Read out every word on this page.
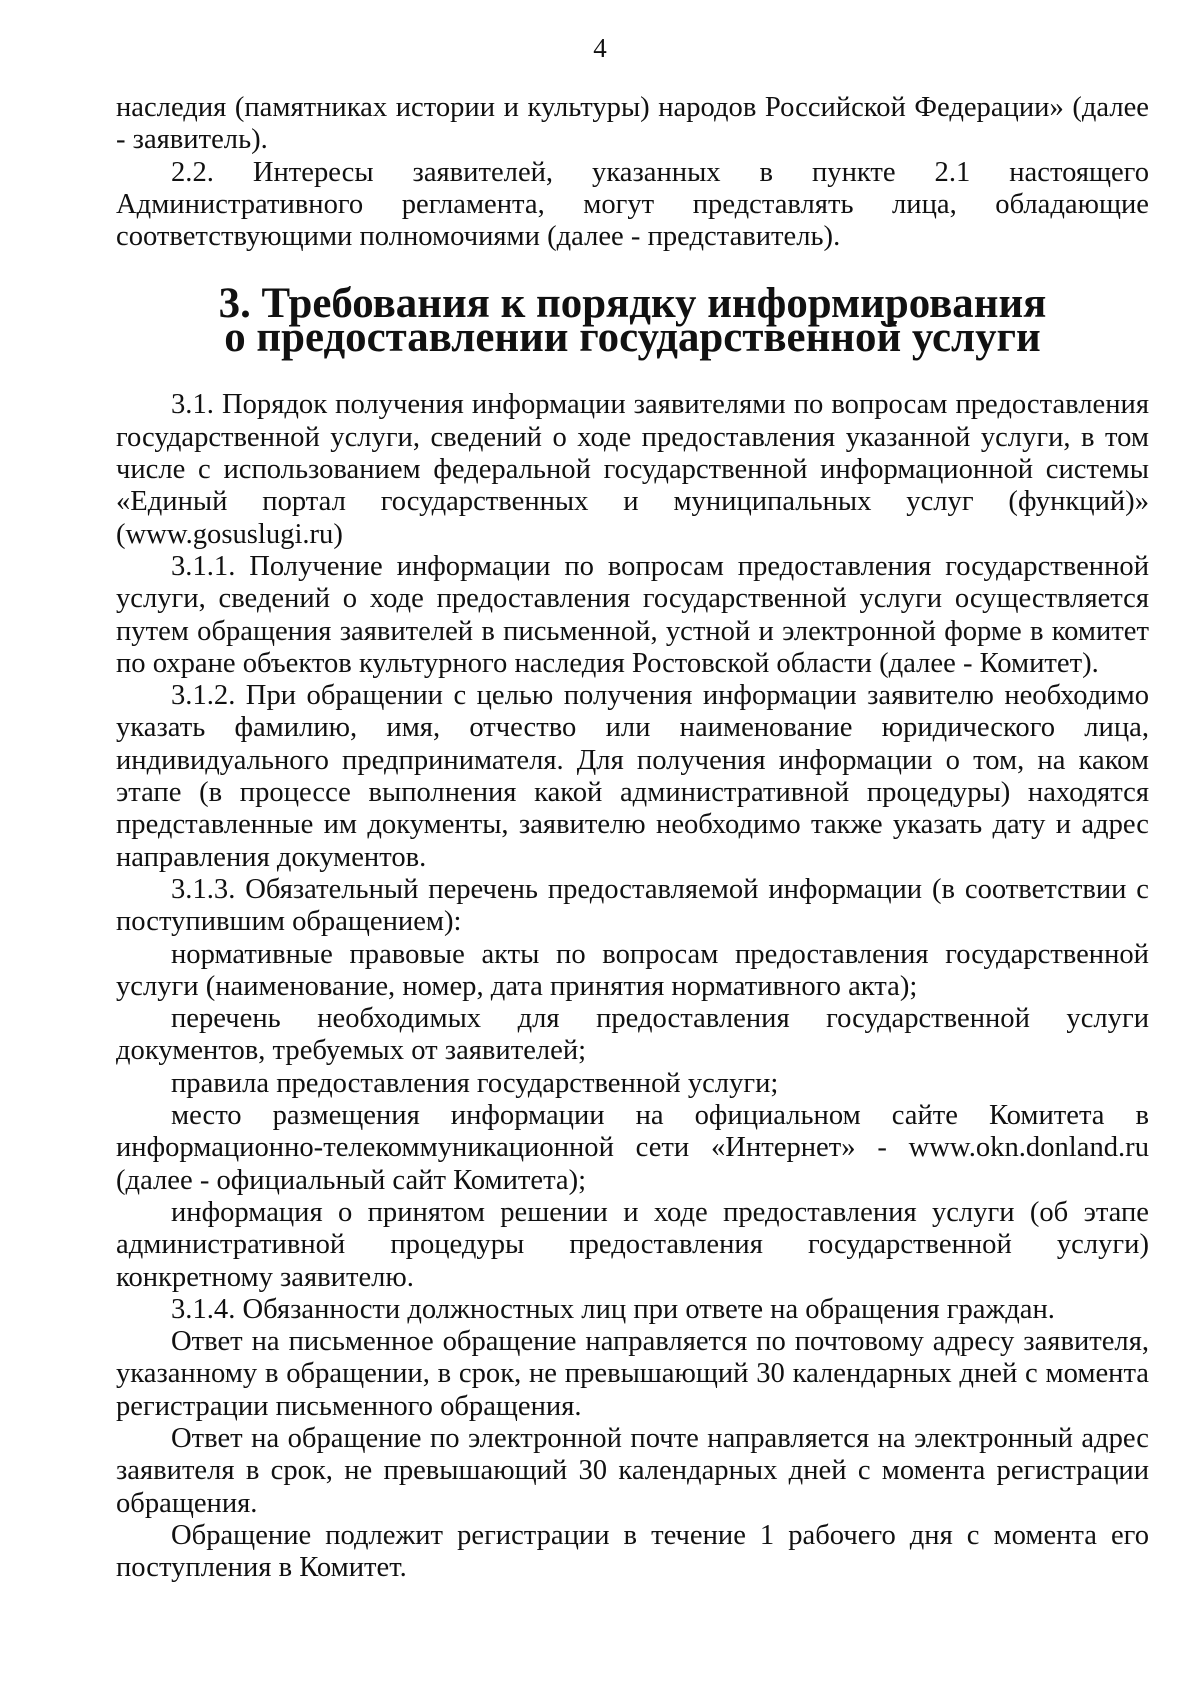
4

наследия (памятниках истории и культуры) народов Российской Федерации» (далее - заявитель).

2.2. Интересы заявителей, указанных в пункте 2.1 настоящего Административного регламента, могут представлять лица, обладающие соответствующими полномочиями (далее - представитель).

3. Требования к порядку информирования
о предоставлении государственной услуги

3.1. Порядок получения информации заявителями по вопросам предоставления государственной услуги, сведений о ходе предоставления указанной услуги, в том числе с использованием федеральной государственной информационной системы «Единый портал государственных и муниципальных услуг (функций)» (www.gosuslugi.ru)

3.1.1. Получение информации по вопросам предоставления государственной услуги, сведений о ходе предоставления государственной услуги осуществляется путем обращения заявителей в письменной, устной и электронной форме в комитет по охране объектов культурного наследия Ростовской области (далее - Комитет).

3.1.2. При обращении с целью получения информации заявителю необходимо указать фамилию, имя, отчество или наименование юридического лица, индивидуального предпринимателя. Для получения информации о том, на каком этапе (в процессе выполнения какой административной процедуры) находятся представленные им документы, заявителю необходимо также указать дату и адрес направления документов.

3.1.3. Обязательный перечень предоставляемой информации (в соответствии с поступившим обращением):

нормативные правовые акты по вопросам предоставления государственной услуги (наименование, номер, дата принятия нормативного акта);

перечень необходимых для предоставления государственной услуги документов, требуемых от заявителей;

правила предоставления государственной услуги;

место размещения информации на официальном сайте Комитета в информационно-телекоммуникационной сети «Интернет» - www.okn.donland.ru (далее - официальный сайт Комитета);

информация о принятом решении и ходе предоставления услуги (об этапе административной процедуры предоставления государственной услуги) конкретному заявителю.

3.1.4. Обязанности должностных лиц при ответе на обращения граждан.

Ответ на письменное обращение направляется по почтовому адресу заявителя, указанному в обращении, в срок, не превышающий 30 календарных дней с момента регистрации письменного обращения.

Ответ на обращение по электронной почте направляется на электронный адрес заявителя в срок, не превышающий 30 календарных дней с момента регистрации обращения.

Обращение подлежит регистрации в течение 1 рабочего дня с момента его поступления в Комитет.
